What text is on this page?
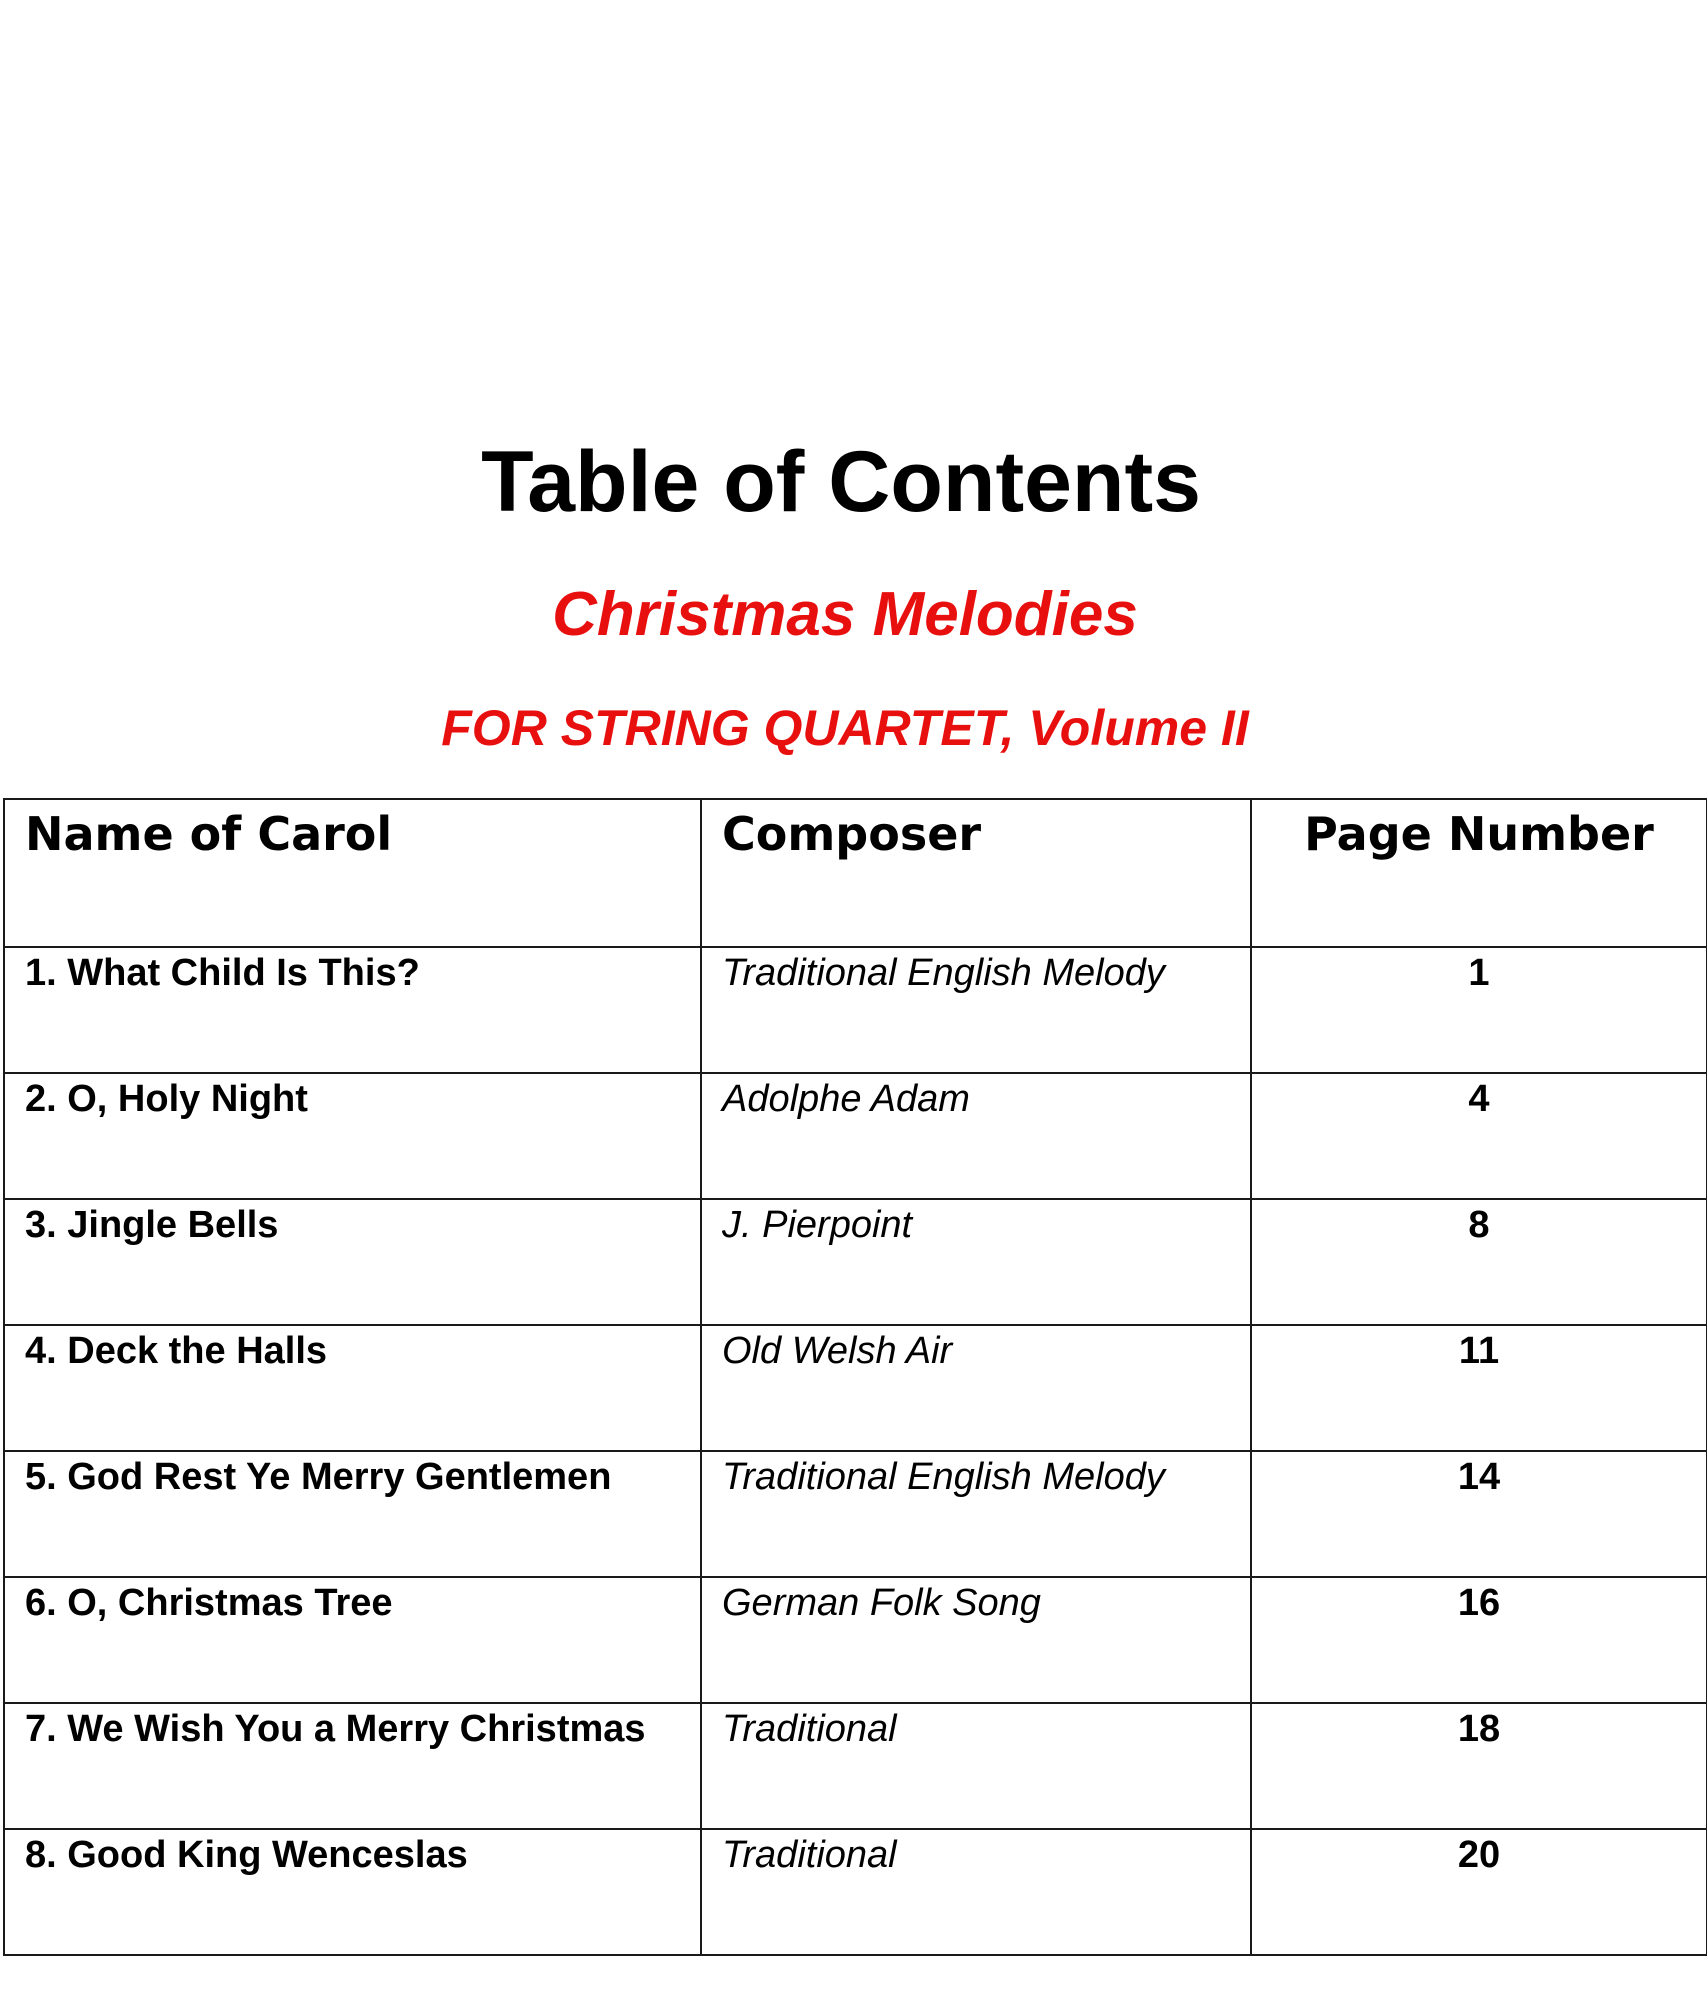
Table of Contents
Christmas Melodies
FOR STRING QUARTET, Volume II
Name of Carol	Composer	Page Number

1. What Child Is This?	Traditional English Melody	1

2. O, Holy Night	Adolphe Adam	4

3. Jingle Bells	J. Pierpoint	8

4. Deck the Halls	Old Welsh Air	11

5. God Rest Ye Merry Gentlemen	Traditional English Melody	14

6. O, Christmas Tree	German Folk Song	16

7. We Wish You a Merry Christmas	Traditional	18

8. Good King Wenceslas	Traditional	20
